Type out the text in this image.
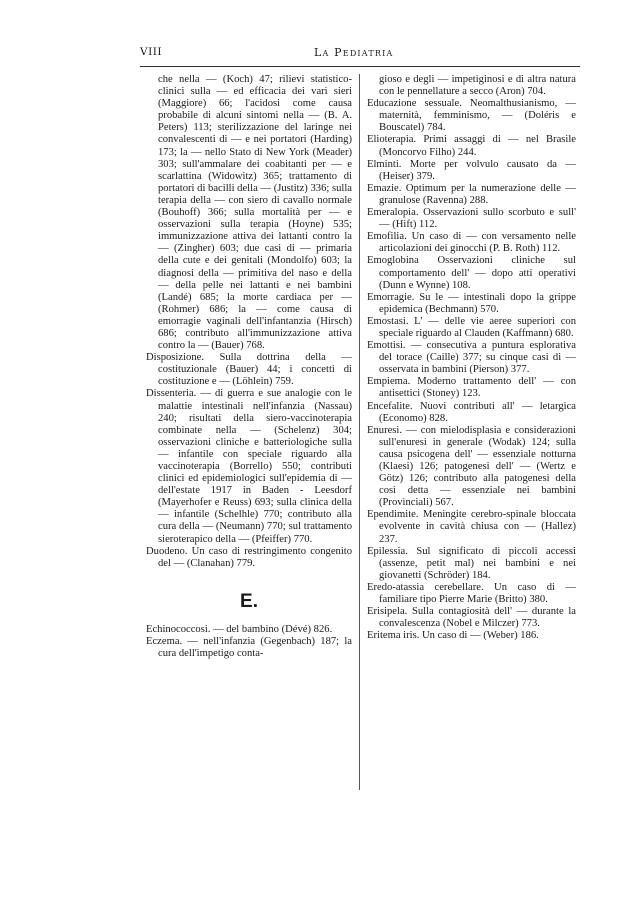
VIII	La Pediatria

che nella — (Koch) 47; rilievi statistico-clinici sulla — ed efficacia dei vari sieri (Maggiore) 66; l'acidosi come causa probabile di alcuni sintomi nella — (B. A. Peters) 113; sterilizzazione del laringe nei convalescenti di — e nei portatori (Harding) 173; la — nello Stato di New York (Meader) 303; sull'ammalare dei coabitanti per — e scarlattina (Widowitz) 365; trattamento di portatori di bacilli della — (Justitz) 336; sulla terapia della — con siero di cavallo normale (Bouhoff) 366; sulla mortalità per — e osservazioni sulla terapia (Hoyne) 535; immunizzazione attiva dei lattanti contro la — (Zingher) 603; due casi di — primaria della cute e dei genitali (Mondolfo) 603; la diagnosi della — primitiva del naso e della — della pelle nei lattanti e nei bambini (Landé) 685; la morte cardiaca per — (Rohmer) 686; la — come causa di emorragie vaginali dell'infantanzia (Hirsch) 686; contributo all'immunizzazione attiva contro la — (Bauer) 768.

Disposizione. Sulla dottrina della — costituzionale (Bauer) 44; i concetti di costituzione e — (Löhlein) 759.

Dissenteria. — di guerra e sue analogie con le malattie intestinali nell'infanzia (Nassau) 240; risultati della siero-vaccinoterapia combinate nella — (Schelenz) 304; osservazioni cliniche e batteriologiche sulla — infantile con speciale riguardo alla vaccinoterapia (Borrello) 550; contributi clinici ed epidemiologici sull'epidemia di — dell'estate 1917 in Baden - Leesdorf (Mayerhofer e Reuss) 693; sulla clinica della — infantile (Schelhle) 770; contributo alla cura della — (Neumann) 770; sul trattamento sieroterapico della — (Pfeiffer) 770.

Duodeno. Un caso di restringimento congenito del — (Clanahan) 779.

E.

Echinococcosi. — del bambino (Dévé) 826.

Eczema. — nell'infanzia (Gegenbach) 187; la cura dell'impetigo conta-

gioso e degli — impetiginosi e di altra natura con le pennellature a secco (Aron) 704.

Educazione sessuale. Neomalthusianismo, — maternità, femminismo, — (Doléris e Bouscatel) 784.

Elioterapia. Primi assaggi di — nel Brasile (Moncorvo Filho) 244.

Elminti. Morte per volvulo causato da — (Heiser) 379.

Emazie. Optimum per la numerazione delle — granulose (Ravenna) 288.

Emeralopia. Osservazioni sullo scorbuto e sull' — (Hift) 112.

Emofilia. Un caso di — con versamento nelle articolazioni dei ginocchi (P. B. Roth) 112.

Emoglobina Osservazioni cliniche sul comportamento dell' — dopo atti operativi (Dunn e Wynne) 108.

Emorragie. Su le — intestinali dopo la grippe epidemica (Bechmann) 570.

Emostasi. L' — delle vie aeree superiori con speciale riguardo al Clauden (Kaffmann) 680.

Emottisi. — consecutiva a puntura esplorativa del torace (Caille) 377; su cinque casi di — osservata in bambini (Pierson) 377.

Empiema. Moderno trattamento dell' — con antisettici (Stoney) 123.

Encefalite. Nuovi contributi all' — letargica (Economo) 828.

Enuresi. — con mielodisplasia e considerazioni sull'enuresi in generale (Wodak) 124; sulla causa psicogena dell' — essenziale notturna (Klaesi) 126; patogenesi dell' — (Wertz e Götz) 126; contributo alla patogenesi della così detta — essenziale nei bambini (Provinciali) 567.

Ependimite. Meningite cerebro-spinale bloccata evolvente in cavità chiusa con — (Hallez) 237.

Epilessia. Sul significato di piccoli accessi (assenze, petit mal) nei bambini e nei giovanetti (Schröder) 184.

Eredo-atassia cerebellare. Un caso di — familiare tipo Pierre Marie (Britto) 380.

Erisipela. Sulla contagiosità dell' — durante la convalescenza (Nobel e Milczer) 773.

Eritema iris. Un caso di — (Weber) 186.
